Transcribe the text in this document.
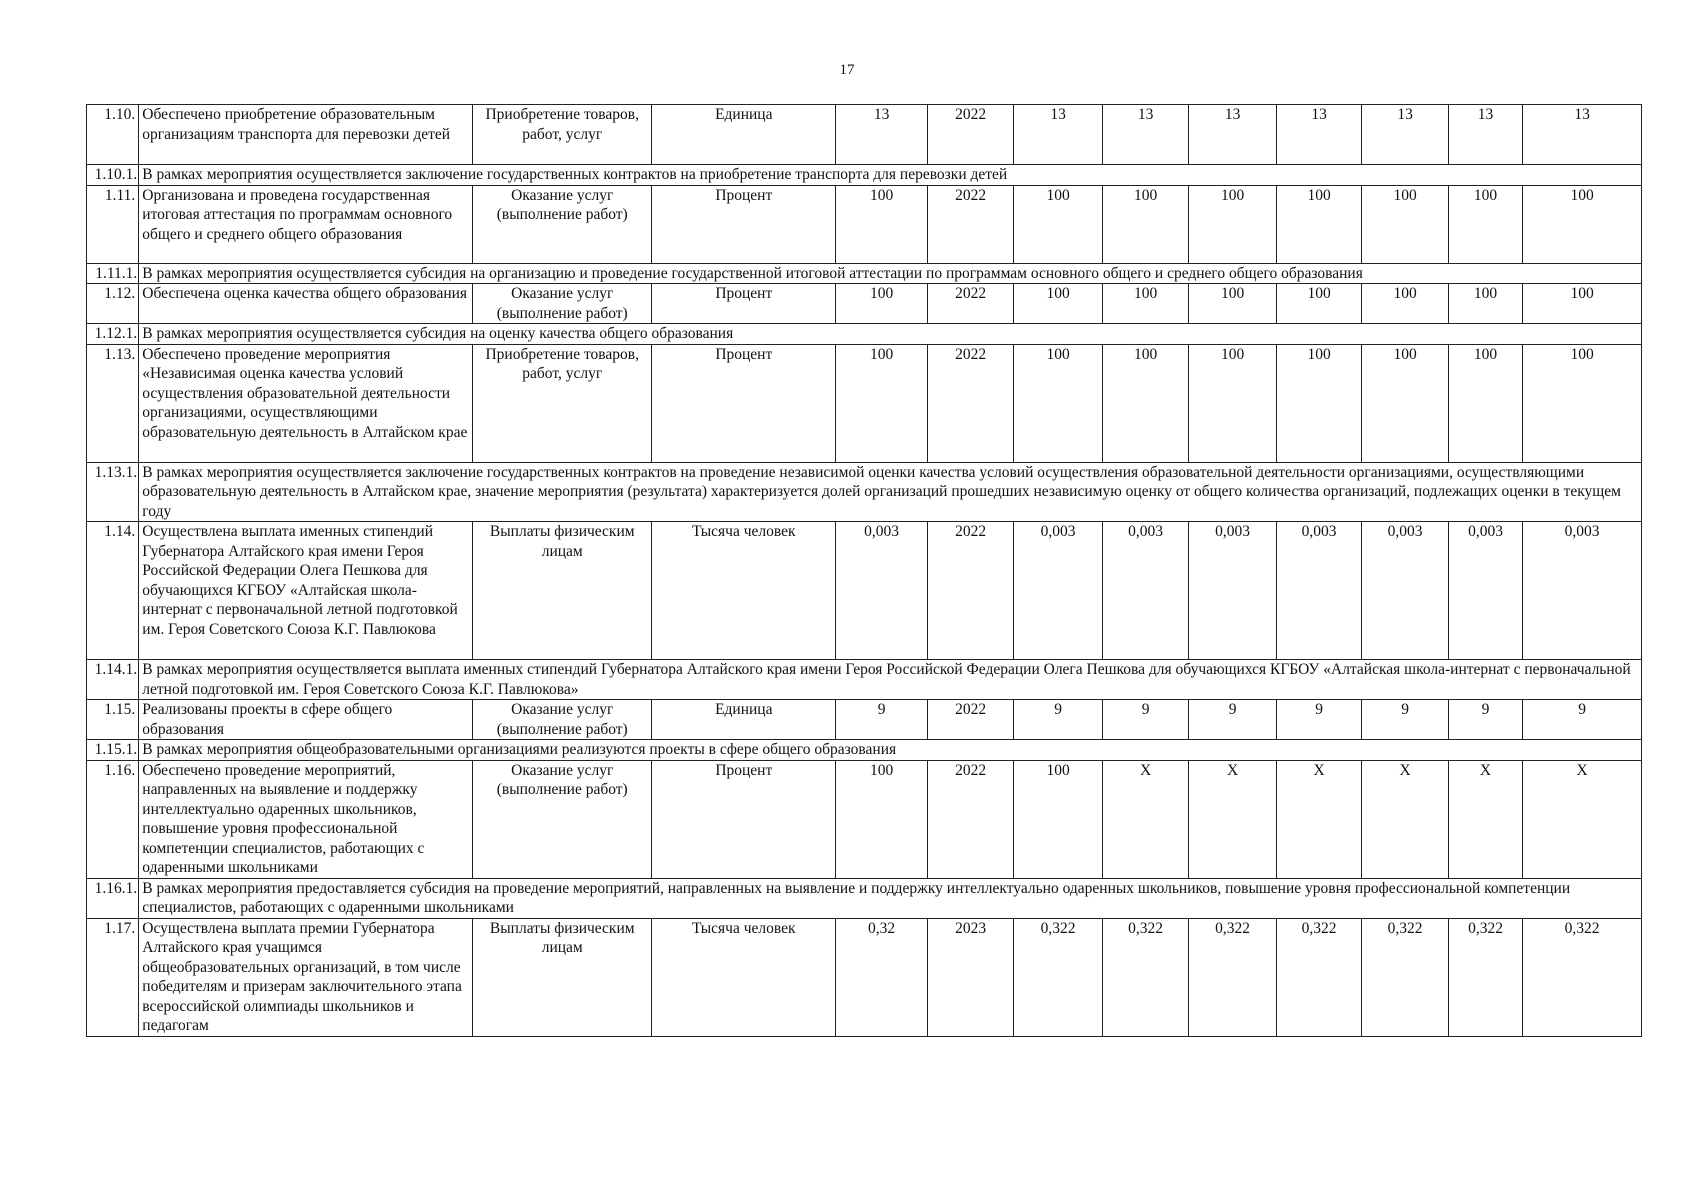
17
1.10.	Обеспечено приобретение образовательным организациям транспорта для перевозки детей	Приобретение товаров, работ, услуг	Единица	13	2022	13	13	13	13	13	13	13
1.10.1.	В рамках мероприятия осуществляется заключение государственных контрактов на приобретение транспорта для перевозки детей											
1.11.	Организована и проведена государственная итоговая аттестация по программам основного общего и среднего общего образования	Оказание услуг (выполнение работ)	Процент	100	2022	100	100	100	100	100	100	100
1.11.1.	В рамках мероприятия осуществляется субсидия на организацию и проведение государственной итоговой аттестации по программам основного общего и среднего общего образования											
1.12.	Обеспечена оценка качества общего образования	Оказание услуг (выполнение работ)	Процент	100	2022	100	100	100	100	100	100	100
1.12.1.	В рамках мероприятия осуществляется субсидия на оценку качества общего образования											
1.13.	Обеспечено проведение мероприятия «Независимая оценка качества условий осуществления образовательной деятельности организациями, осуществляющими образовательную деятельность в Алтайском крае	Приобретение товаров, работ, услуг	Процент	100	2022	100	100	100	100	100	100	100
1.13.1.	В рамках мероприятия осуществляется заключение государственных контрактов на проведение независимой оценки качества условий осуществления образовательной деятельности организациями, осуществляющими образовательную деятельность в Алтайском крае, значение мероприятия (результата) характеризуется долей организаций прошедших независимую оценку от общего количества организаций, подлежащих оценки в текущем году											
1.14.	Осуществлена выплата именных стипендий Губернатора Алтайского края имени Героя Российской Федерации Олега Пешкова для обучающихся КГБОУ «Алтайская школа-интернат с первоначальной летной подготовкой им. Героя Советского Союза К.Г. Павлюкова	Выплаты физическим лицам	Тысяча человек	0,003	2022	0,003	0,003	0,003	0,003	0,003	0,003	0,003
1.14.1.	В рамках мероприятия осуществляется выплата именных стипендий Губернатора Алтайского края имени Героя Российской Федерации Олега Пешкова для обучающихся КГБОУ «Алтайская школа-интернат с первоначальной летной подготовкой им. Героя Советского Союза К.Г. Павлюкова»											
1.15.	Реализованы проекты в сфере общего образования	Оказание услуг (выполнение работ)	Единица	9	2022	9	9	9	9	9	9	9
1.15.1.	В рамках мероприятия общеобразовательными организациями реализуются проекты в сфере общего образования											
1.16.	Обеспечено проведение мероприятий, направленных на выявление и поддержку интеллектуально одаренных школьников, повышение уровня профессиональной компетенции специалистов, работающих с одаренными школьниками	Оказание услуг (выполнение работ)	Процент	100	2022	100	X	X	X	X	X	X
1.16.1.	В рамках мероприятия предоставляется субсидия на проведение мероприятий, направленных на выявление и поддержку интеллектуально одаренных школьников, повышение уровня профессиональной компетенции специалистов, работающих с одаренными школьниками											
1.17.	Осуществлена выплата премии Губернатора Алтайского края учащимся общеобразовательных организаций, в том числе победителям и призерам заключительного этапа всероссийской олимпиады школьников и педагогам	Выплаты физическим лицам	Тысяча человек	0,32	2023	0,322	0,322	0,322	0,322	0,322	0,322	0,322
